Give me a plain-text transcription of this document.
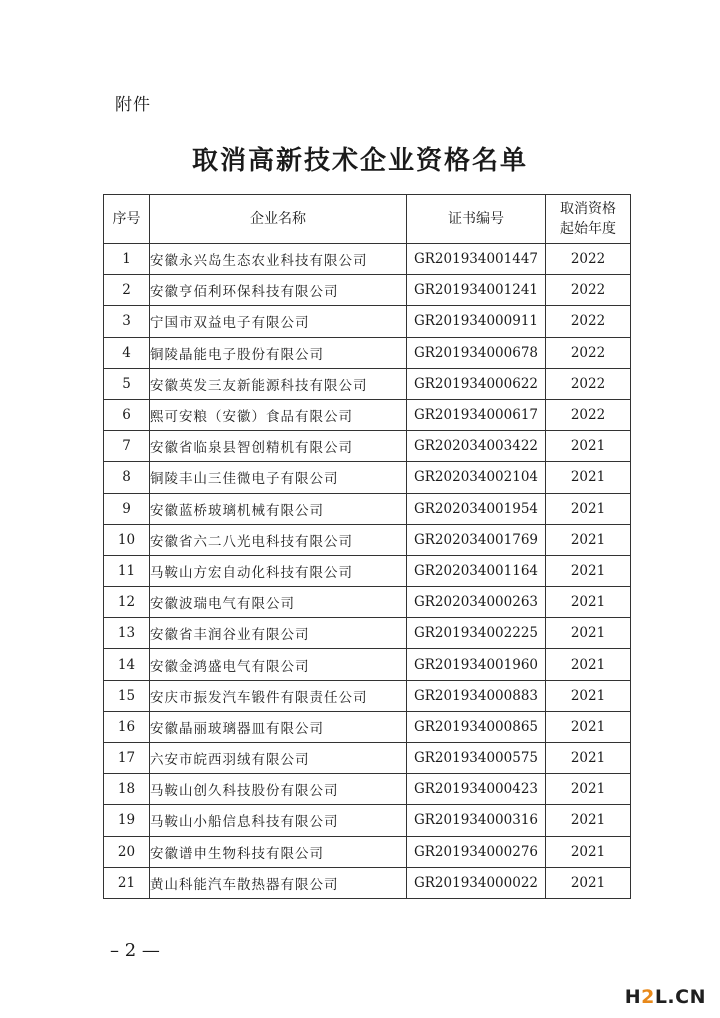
附件
取消高新技术企业资格名单
序号	企业名称	证书编号	取消资格
起始年度
1	安徽永兴岛生态农业科技有限公司	GR201934001447	2022
2	安徽亨佰利环保科技有限公司	GR201934001241	2022
3	宁国市双益电子有限公司	GR201934000911	2022
4	铜陵晶能电子股份有限公司	GR201934000678	2022
5	安徽英发三友新能源科技有限公司	GR201934000622	2022
6	熙可安粮（安徽）食品有限公司	GR201934000617	2022
7	安徽省临泉县智创精机有限公司	GR202034003422	2021
8	铜陵丰山三佳微电子有限公司	GR202034002104	2021
9	安徽蓝桥玻璃机械有限公司	GR202034001954	2021
10	安徽省六二八光电科技有限公司	GR202034001769	2021
11	马鞍山方宏自动化科技有限公司	GR202034001164	2021
12	安徽波瑞电气有限公司	GR202034000263	2021
13	安徽省丰润谷业有限公司	GR201934002225	2021
14	安徽金鸿盛电气有限公司	GR201934001960	2021
15	安庆市振发汽车锻件有限责任公司	GR201934000883	2021
16	安徽晶丽玻璃器皿有限公司	GR201934000865	2021
17	六安市皖西羽绒有限公司	GR201934000575	2021
18	马鞍山创久科技股份有限公司	GR201934000423	2021
19	马鞍山小船信息科技有限公司	GR201934000316	2021
20	安徽谱申生物科技有限公司	GR201934000276	2021
21	黄山科能汽车散热器有限公司	GR201934000022	2021
– 2 —
H2L.CN
